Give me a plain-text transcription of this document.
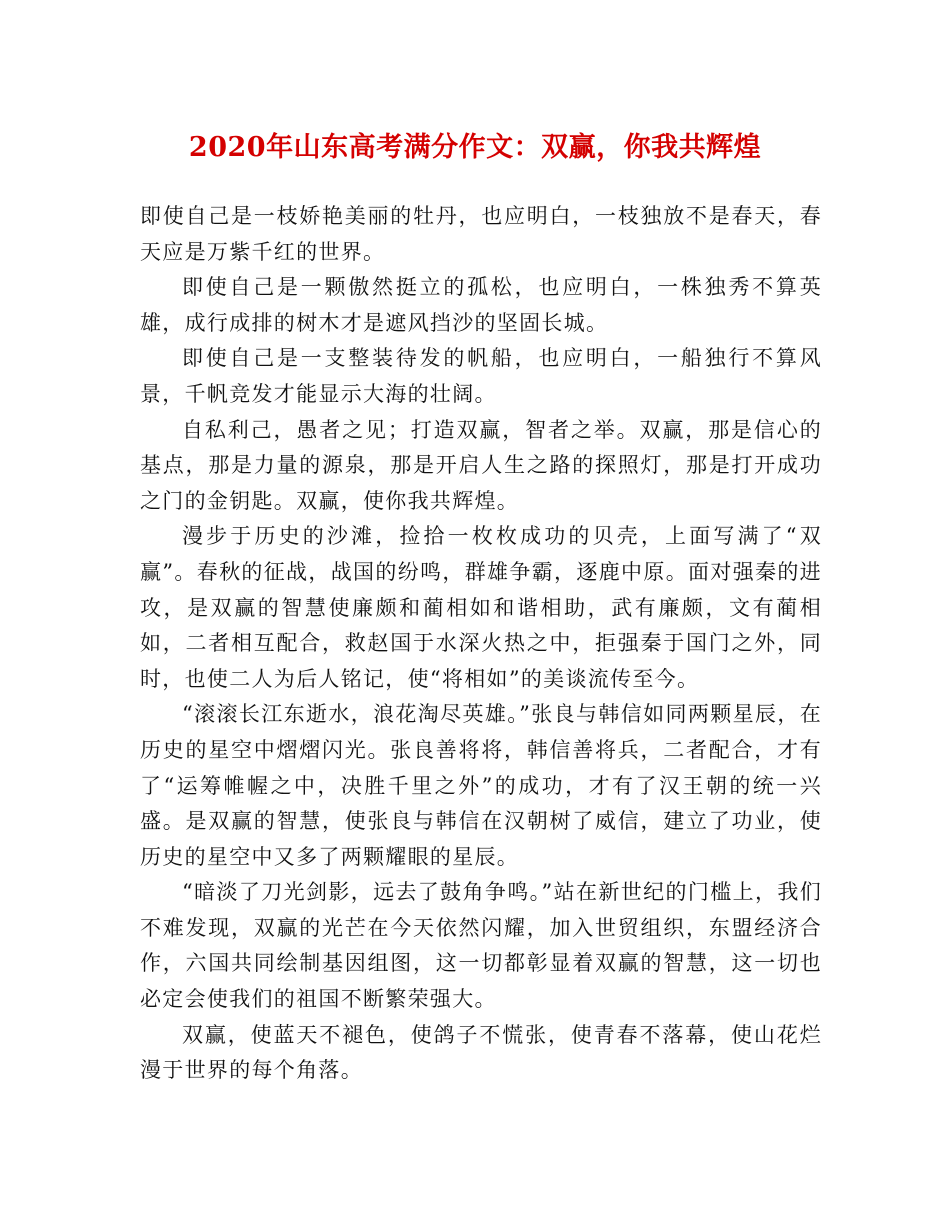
2020年山东高考满分作文：双赢，你我共辉煌

即使自己是一枝娇艳美丽的牡丹，也应明白，一枝独放不是春天，春天应是万紫千红的世界。

即使自己是一颗傲然挺立的孤松，也应明白，一株独秀不算英雄，成行成排的树木才是遮风挡沙的坚固长城。

即使自己是一支整装待发的帆船，也应明白，一船独行不算风景，千帆竞发才能显示大海的壮阔。

自私利己，愚者之见；打造双赢，智者之举。双赢，那是信心的基点，那是力量的源泉，那是开启人生之路的探照灯，那是打开成功之门的金钥匙。双赢，使你我共辉煌。

漫步于历史的沙滩，捡拾一枚枚成功的贝壳，上面写满了“双赢”。春秋的征战，战国的纷鸣，群雄争霸，逐鹿中原。面对强秦的进攻，是双赢的智慧使廉颇和蔺相如和谐相助，武有廉颇，文有蔺相如，二者相互配合，救赵国于水深火热之中，拒强秦于国门之外，同时，也使二人为后人铭记，使“将相如”的美谈流传至今。

“滚滚长江东逝水，浪花淘尽英雄。”张良与韩信如同两颗星辰，在历史的星空中熠熠闪光。张良善将将，韩信善将兵，二者配合，才有了“运筹帷幄之中，决胜千里之外”的成功，才有了汉王朝的统一兴盛。是双赢的智慧，使张良与韩信在汉朝树了威信，建立了功业，使历史的星空中又多了两颗耀眼的星辰。

“暗淡了刀光剑影，远去了鼓角争鸣。”站在新世纪的门槛上，我们不难发现，双赢的光芒在今天依然闪耀，加入世贸组织，东盟经济合作，六国共同绘制基因组图，这一切都彰显着双赢的智慧，这一切也必定会使我们的祖国不断繁荣强大。

双赢，使蓝天不褪色，使鸽子不慌张，使青春不落幕，使山花烂漫于世界的每个角落。
